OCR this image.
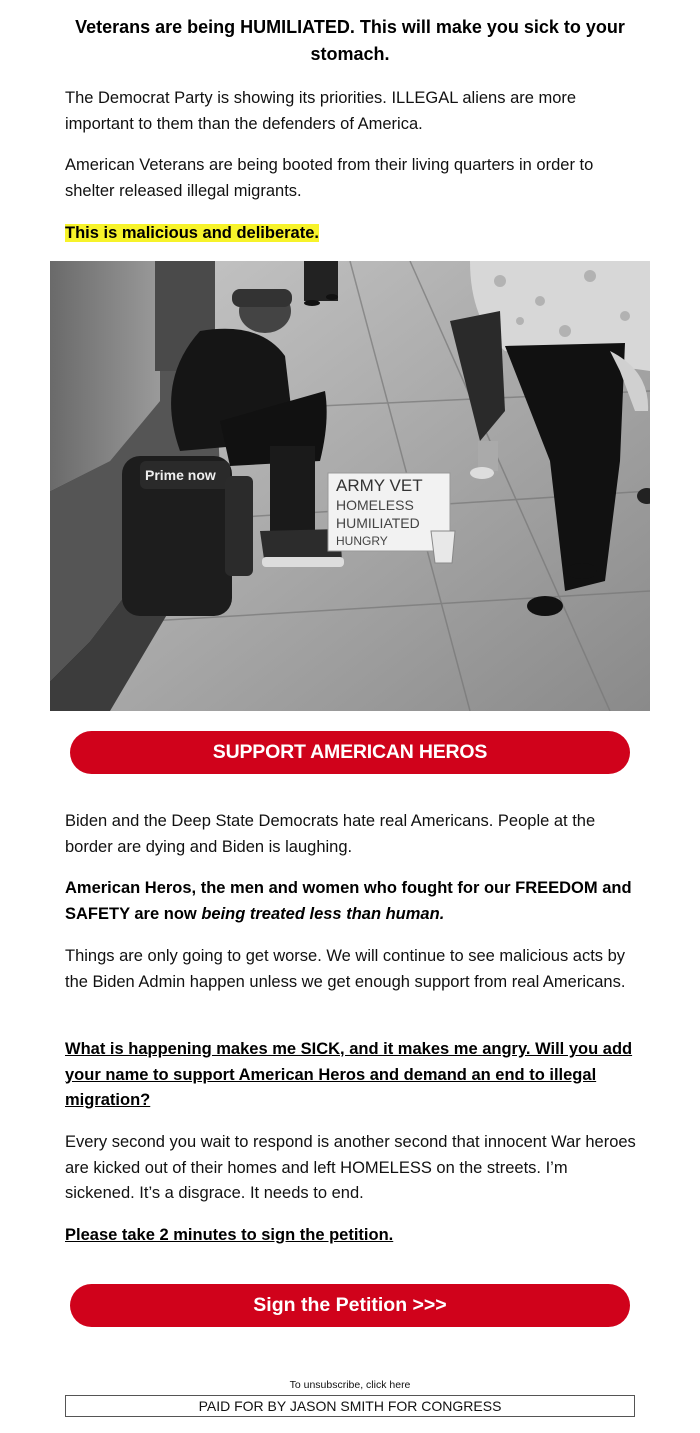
Veterans are being HUMILIATED. This will make you sick to your stomach.
The Democrat Party is showing its priorities. ILLEGAL aliens are more important to them than the defenders of America.
American Veterans are being booted from their living quarters in order to shelter released illegal migrants.
This is malicious and deliberate.
Prime now
ARMY VET
HOMELESS
HUMILIATED
HUNGRY
SUPPORT AMERICAN HEROS
Biden and the Deep State Democrats hate real Americans. People at the border are dying and Biden is laughing.
American Heros, the men and women who fought for our FREEDOM and SAFETY are now being treated less than human.
Things are only going to get worse. We will continue to see malicious acts by the Biden Admin happen unless we get enough support from real Americans.
What is happening makes me SICK, and it makes me angry. Will you add your name to support American Heros and demand an end to illegal migration?
Every second you wait to respond is another second that innocent War heroes are kicked out of their homes and left HOMELESS on the streets. I’m sickened. It’s a disgrace. It needs to end.
Please take 2 minutes to sign the petition.
Sign the Petition >>>
To unsubscribe, click here
PAID FOR BY JASON SMITH FOR CONGRESS
